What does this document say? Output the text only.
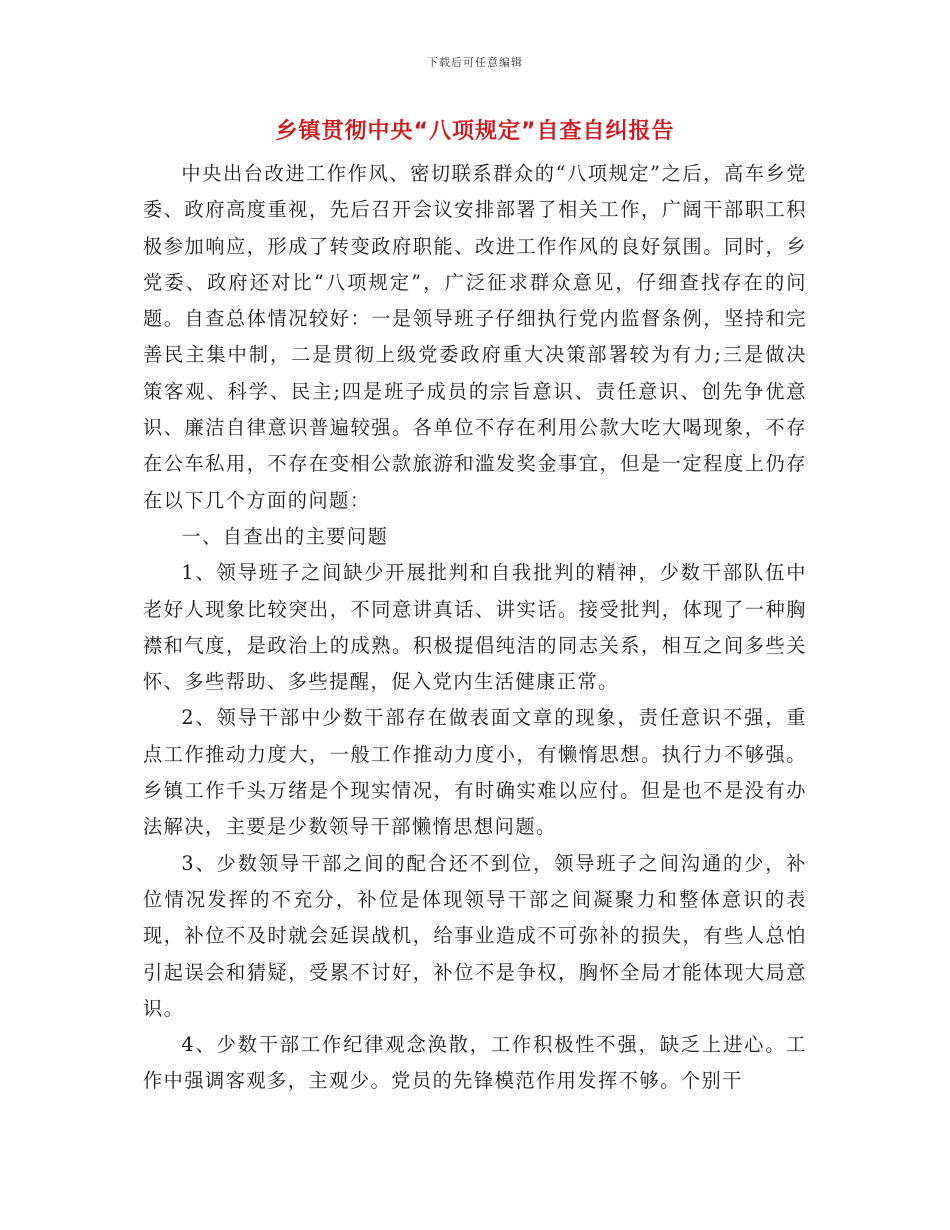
下载后可任意编辑
乡镇贯彻中央“八项规定”自查自纠报告

中央出台改进工作作风、密切联系群众的“八项规定”之后，高车乡党委、政府高度重视，先后召开会议安排部署了相关工作，广阔干部职工积极参加响应，形成了转变政府职能、改进工作作风的良好氛围。同时，乡党委、政府还对比“八项规定”，广泛征求群众意见，仔细查找存在的问题。自查总体情况较好：一是领导班子仔细执行党内监督条例，坚持和完善民主集中制，二是贯彻上级党委政府重大决策部署较为有力;三是做决策客观、科学、民主;四是班子成员的宗旨意识、责任意识、创先争优意识、廉洁自律意识普遍较强。各单位不存在利用公款大吃大喝现象，不存在公车私用，不存在变相公款旅游和滥发奖金事宜，但是一定程度上仍存在以下几个方面的问题：

一、自查出的主要问题

1、领导班子之间缺少开展批判和自我批判的精神，少数干部队伍中老好人现象比较突出，不同意讲真话、讲实话。接受批判，体现了一种胸襟和气度，是政治上的成熟。积极提倡纯洁的同志关系，相互之间多些关怀、多些帮助、多些提醒，促入党内生活健康正常。

2、领导干部中少数干部存在做表面文章的现象，责任意识不强，重点工作推动力度大，一般工作推动力度小，有懒惰思想。执行力不够强。乡镇工作千头万绪是个现实情况，有时确实难以应付。但是也不是没有办法解决，主要是少数领导干部懒惰思想问题。

3、少数领导干部之间的配合还不到位，领导班子之间沟通的少，补位情况发挥的不充分，补位是体现领导干部之间凝聚力和整体意识的表现，补位不及时就会延误战机，给事业造成不可弥补的损失，有些人总怕引起误会和猜疑，受累不讨好，补位不是争权，胸怀全局才能体现大局意识。

4、少数干部工作纪律观念涣散，工作积极性不强，缺乏上进心。工作中强调客观多，主观少。党员的先锋模范作用发挥不够。个别干
